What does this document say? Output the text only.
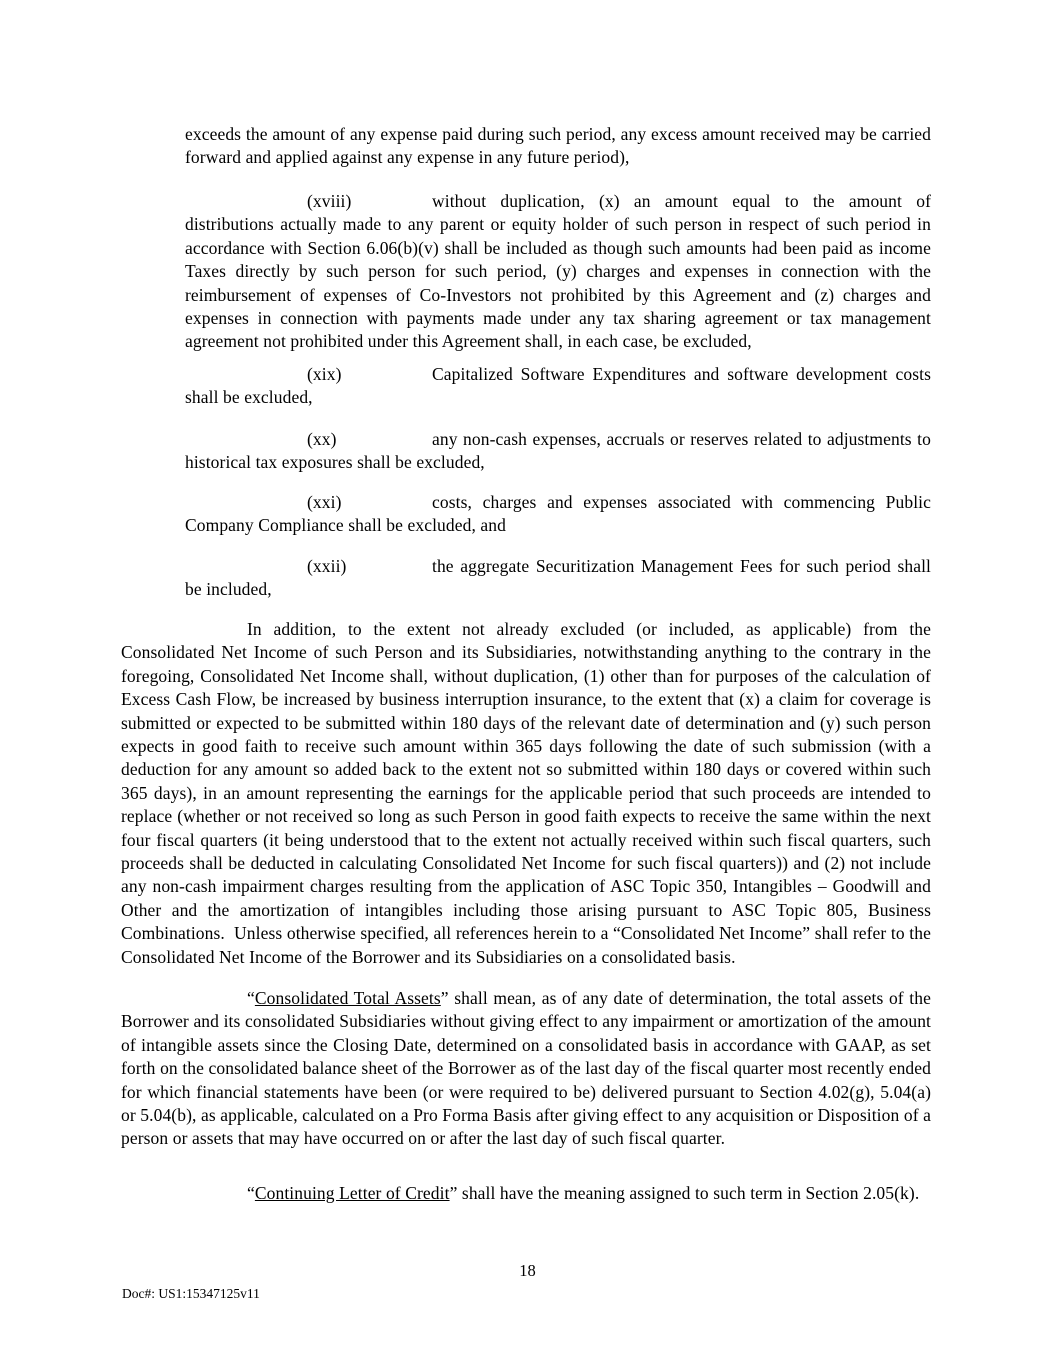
exceeds the amount of any expense paid during such period, any excess amount received may be carried forward and applied against any expense in any future period),

(xviii)	without duplication, (x) an amount equal to the amount of distributions actually made to any parent or equity holder of such person in respect of such period in accordance with Section 6.06(b)(v) shall be included as though such amounts had been paid as income Taxes directly by such person for such period, (y) charges and expenses in connection with the reimbursement of expenses of Co-Investors not prohibited by this Agreement and (z) charges and expenses in connection with payments made under any tax sharing agreement or tax management agreement not prohibited under this Agreement shall, in each case, be excluded,

(xix)	Capitalized Software Expenditures and software development costs shall be excluded,

(xx)	any non-cash expenses, accruals or reserves related to adjustments to historical tax exposures shall be excluded,

(xxi)	costs, charges and expenses associated with commencing Public Company Compliance shall be excluded, and

(xxii)	the aggregate Securitization Management Fees for such period shall be included,

In addition, to the extent not already excluded (or included, as applicable) from the Consolidated Net Income of such Person and its Subsidiaries, notwithstanding anything to the contrary in the foregoing, Consolidated Net Income shall, without duplication, (1) other than for purposes of the calculation of Excess Cash Flow, be increased by business interruption insurance, to the extent that (x) a claim for coverage is submitted or expected to be submitted within 180 days of the relevant date of determination and (y) such person expects in good faith to receive such amount within 365 days following the date of such submission (with a deduction for any amount so added back to the extent not so submitted within 180 days or covered within such 365 days), in an amount representing the earnings for the applicable period that such proceeds are intended to replace (whether or not received so long as such Person in good faith expects to receive the same within the next four fiscal quarters (it being understood that to the extent not actually received within such fiscal quarters, such proceeds shall be deducted in calculating Consolidated Net Income for such fiscal quarters)) and (2) not include any non-cash impairment charges resulting from the application of ASC Topic 350, Intangibles – Goodwill and Other and the amortization of intangibles including those arising pursuant to ASC Topic 805, Business Combinations.  Unless otherwise specified, all references herein to a “Consolidated Net Income” shall refer to the Consolidated Net Income of the Borrower and its Subsidiaries on a consolidated basis.

“Consolidated Total Assets” shall mean, as of any date of determination, the total assets of the Borrower and its consolidated Subsidiaries without giving effect to any impairment or amortization of the amount of intangible assets since the Closing Date, determined on a consolidated basis in accordance with GAAP, as set forth on the consolidated balance sheet of the Borrower as of the last day of the fiscal quarter most recently ended for which financial statements have been (or were required to be) delivered pursuant to Section 4.02(g), 5.04(a) or 5.04(b), as applicable, calculated on a Pro Forma Basis after giving effect to any acquisition or Disposition of a person or assets that may have occurred on or after the last day of such fiscal quarter.

“Continuing Letter of Credit” shall have the meaning assigned to such term in Section 2.05(k).

18
Doc#: US1:15347125v11
